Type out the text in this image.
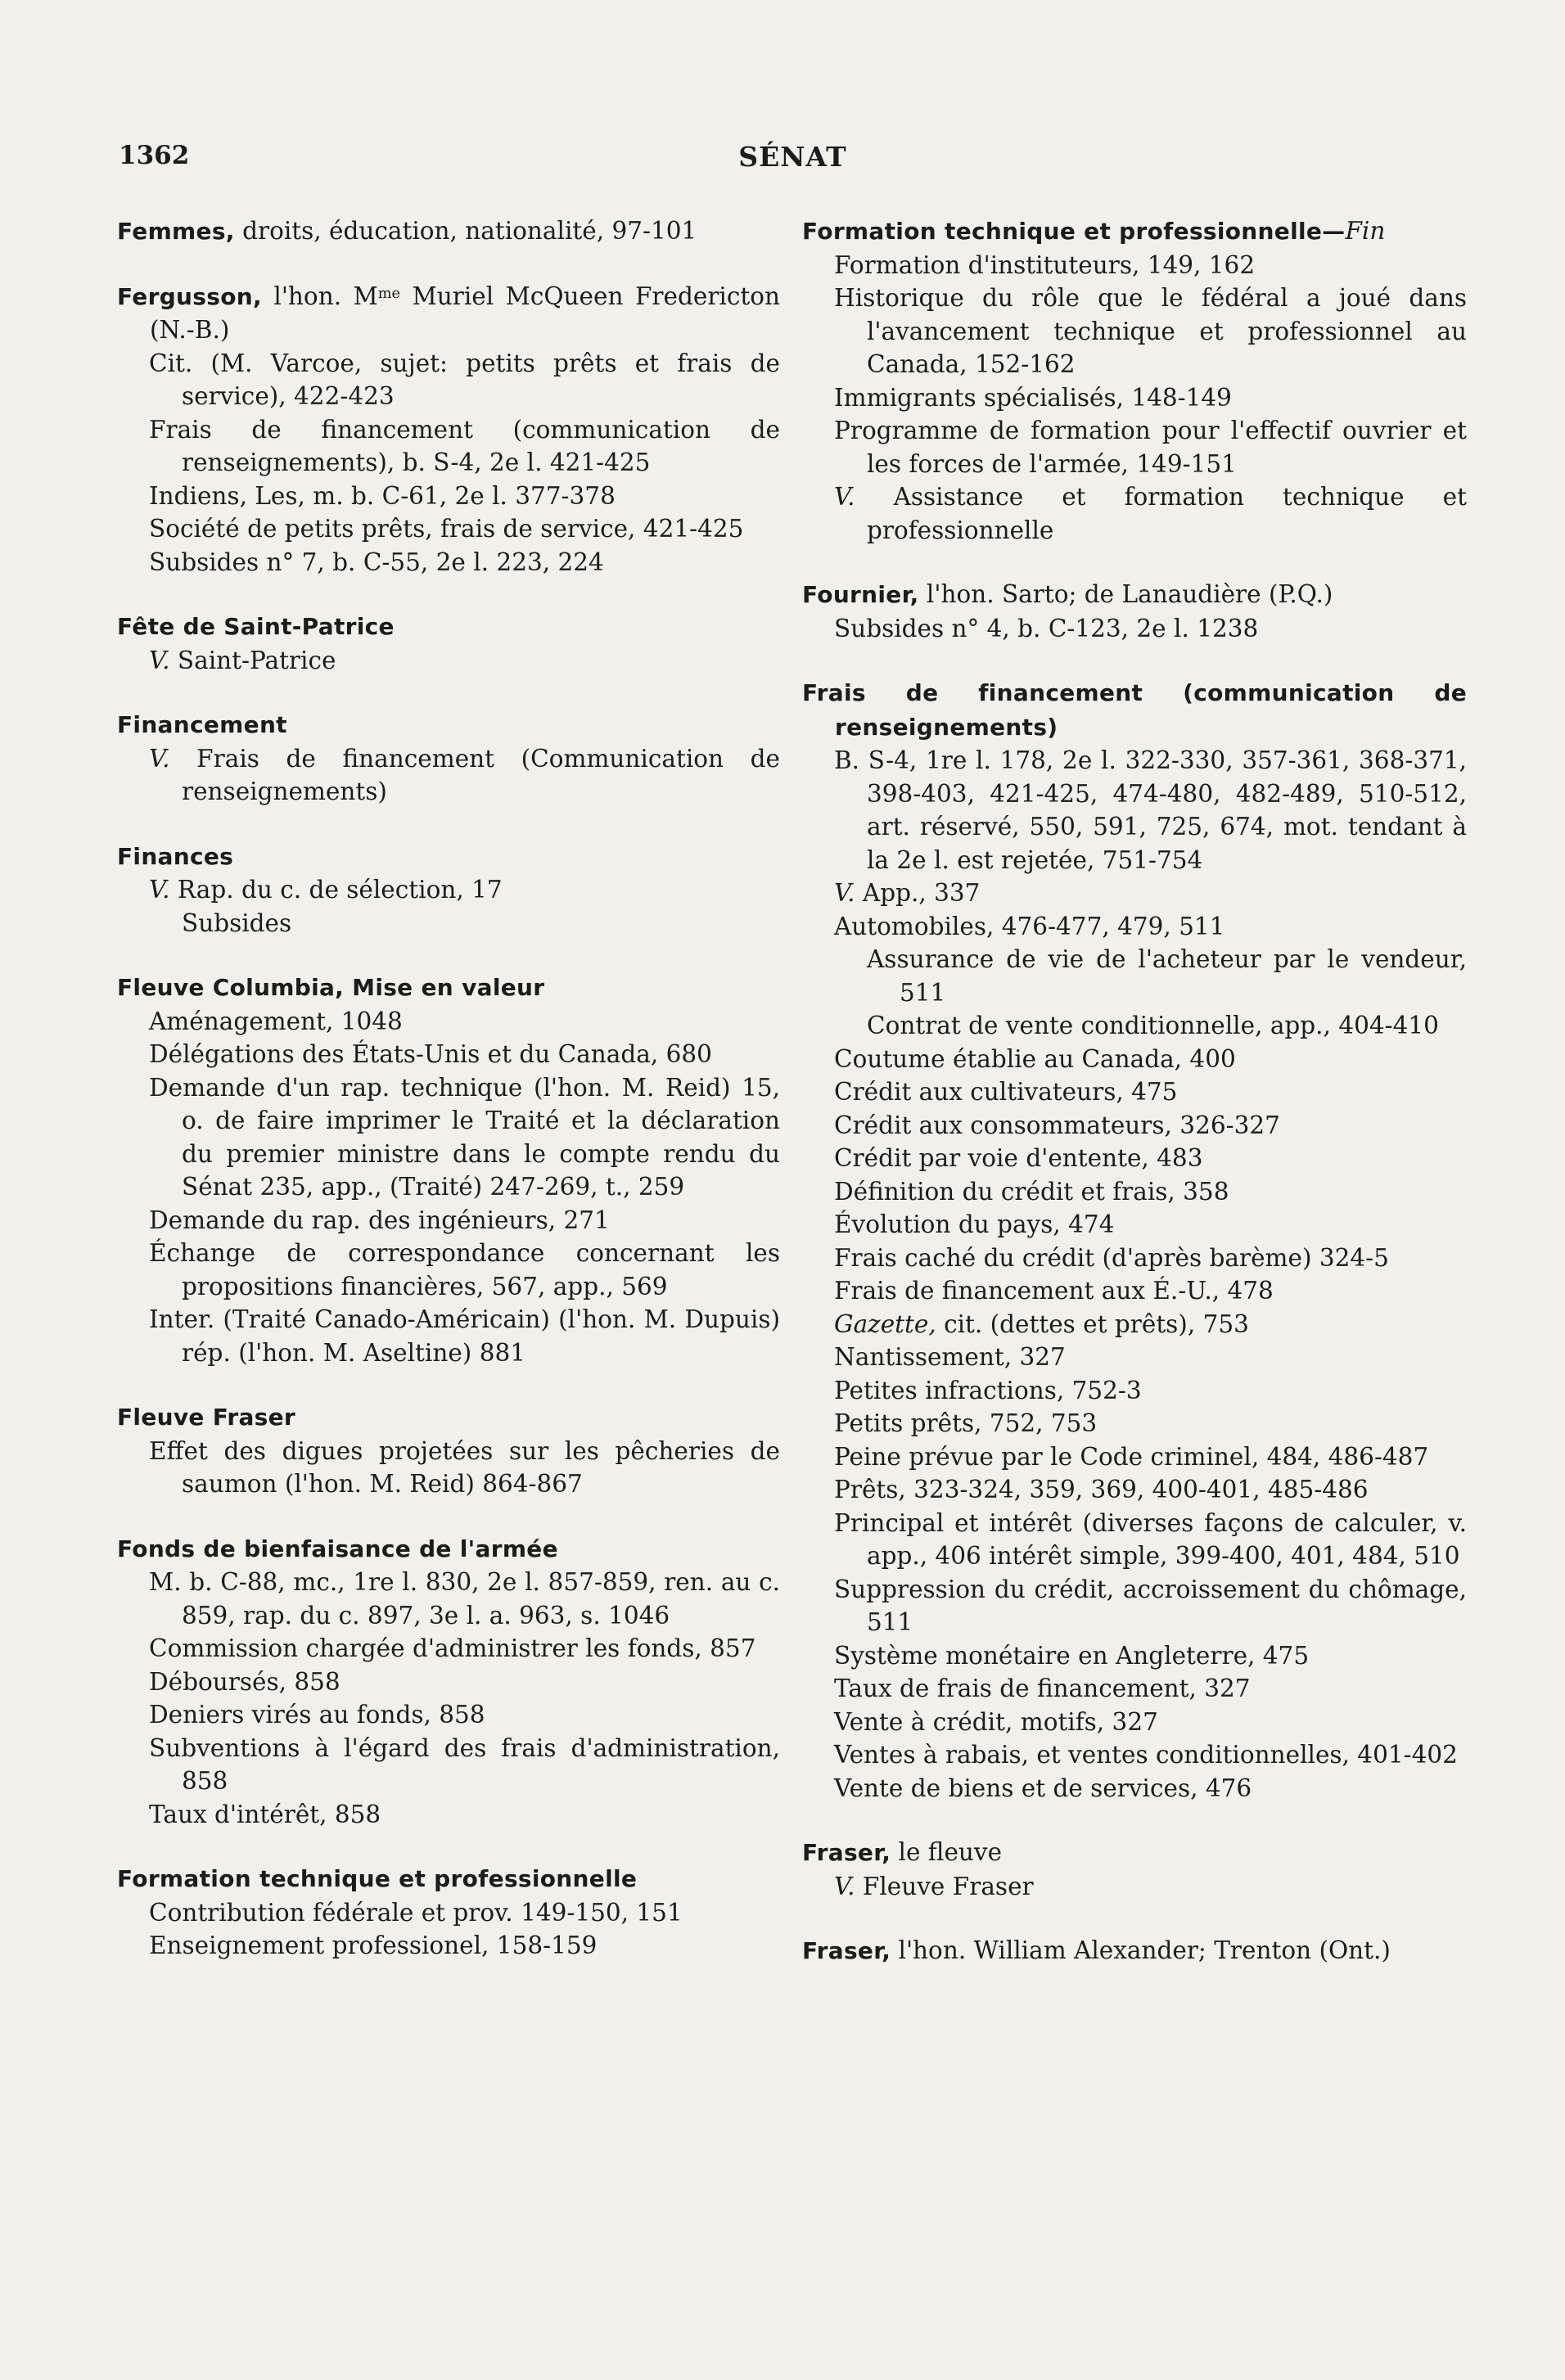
1362	SÉNAT
Femmes, droits, éducation, nationalité, 97-101
Fergusson, l'hon. $M^{me}$ Muriel McQueen Fredericton (N.-B.)
Cit. (M. Varcoe, sujet: petits prêts et frais de service), 422-423
Frais de financement (communication de renseignements), b. S-4, 2e l. 421-425
Indiens, Les, m. b. C-61, 2e l. 377-378
Société de petits prêts, frais de service, 421-425
Subsides n° 7, b. C-55, 2e l. 223, 224
Fête de Saint-Patrice
V. Saint-Patrice
Financement
V. Frais de financement (Communication de renseignements)
Finances
V. Rap. du c. de sélection, 17
Subsides
Fleuve Columbia, Mise en valeur
Aménagement, 1048
Délégations des États-Unis et du Canada, 680
Demande d'un rap. technique (l'hon. M. Reid) 15, o. de faire imprimer le Traité et la déclaration du premier ministre dans le compte rendu du Sénat 235, app., (Traité) 247-269, t., 259
Demande du rap. des ingénieurs, 271
Échange de correspondance concernant les propositions financières, 567, app., 569
Inter. (Traité Canado-Américain) (l'hon. M. Dupuis) rép. (l'hon. M. Aseltine) 881
Fleuve Fraser
Effet des digues projetées sur les pêcheries de saumon (l'hon. M. Reid) 864-867
Fonds de bienfaisance de l'armée
M. b. C-88, mc., 1re l. 830, 2e l. 857-859, ren. au c. 859, rap. du c. 897, 3e l. a. 963, s. 1046
Commission chargée d'administrer les fonds, 857
Déboursés, 858
Deniers virés au fonds, 858
Subventions à l'égard des frais d'administration, 858
Taux d'intérêt, 858
Formation technique et professionnelle
Contribution fédérale et prov. 149-150, 151
Enseignement professionel, 158-159
Formation technique et professionnelle—Fin
Formation d'instituteurs, 149, 162
Historique du rôle que le fédéral a joué dans l'avancement technique et professionnel au Canada, 152-162
Immigrants spécialisés, 148-149
Programme de formation pour l'effectif ouvrier et les forces de l'armée, 149-151
V. Assistance et formation technique et professionnelle
Fournier, l'hon. Sarto; de Lanaudière (P.Q.)
Subsides n° 4, b. C-123, 2e l. 1238
Frais de financement (communication de renseignements)
B. S-4, 1re l. 178, 2e l. 322-330, 357-361, 368-371, 398-403, 421-425, 474-480, 482-489, 510-512, art. réservé, 550, 591, 725, 674, mot. tendant à la 2e l. est rejetée, 751-754
V. App., 337
Automobiles, 476-477, 479, 511
Assurance de vie de l'acheteur par le vendeur, 511
Contrat de vente conditionnelle, app., 404-410
Coutume établie au Canada, 400
Crédit aux cultivateurs, 475
Crédit aux consommateurs, 326-327
Crédit par voie d'entente, 483
Définition du crédit et frais, 358
Évolution du pays, 474
Frais caché du crédit (d'après barème) 324-5
Frais de financement aux É.-U., 478
Gazette, cit. (dettes et prêts), 753
Nantissement, 327
Petites infractions, 752-3
Petits prêts, 752, 753
Peine prévue par le Code criminel, 484, 486-487
Prêts, 323-324, 359, 369, 400-401, 485-486
Principal et intérêt (diverses façons de calculer, v. app., 406 intérêt simple, 399-400, 401, 484, 510
Suppression du crédit, accroissement du chômage, 511
Système monétaire en Angleterre, 475
Taux de frais de financement, 327
Vente à crédit, motifs, 327
Ventes à rabais, et ventes conditionnelles, 401-402
Vente de biens et de services, 476
Fraser, le fleuve
V. Fleuve Fraser
Fraser, l'hon. William Alexander; Trenton (Ont.)
